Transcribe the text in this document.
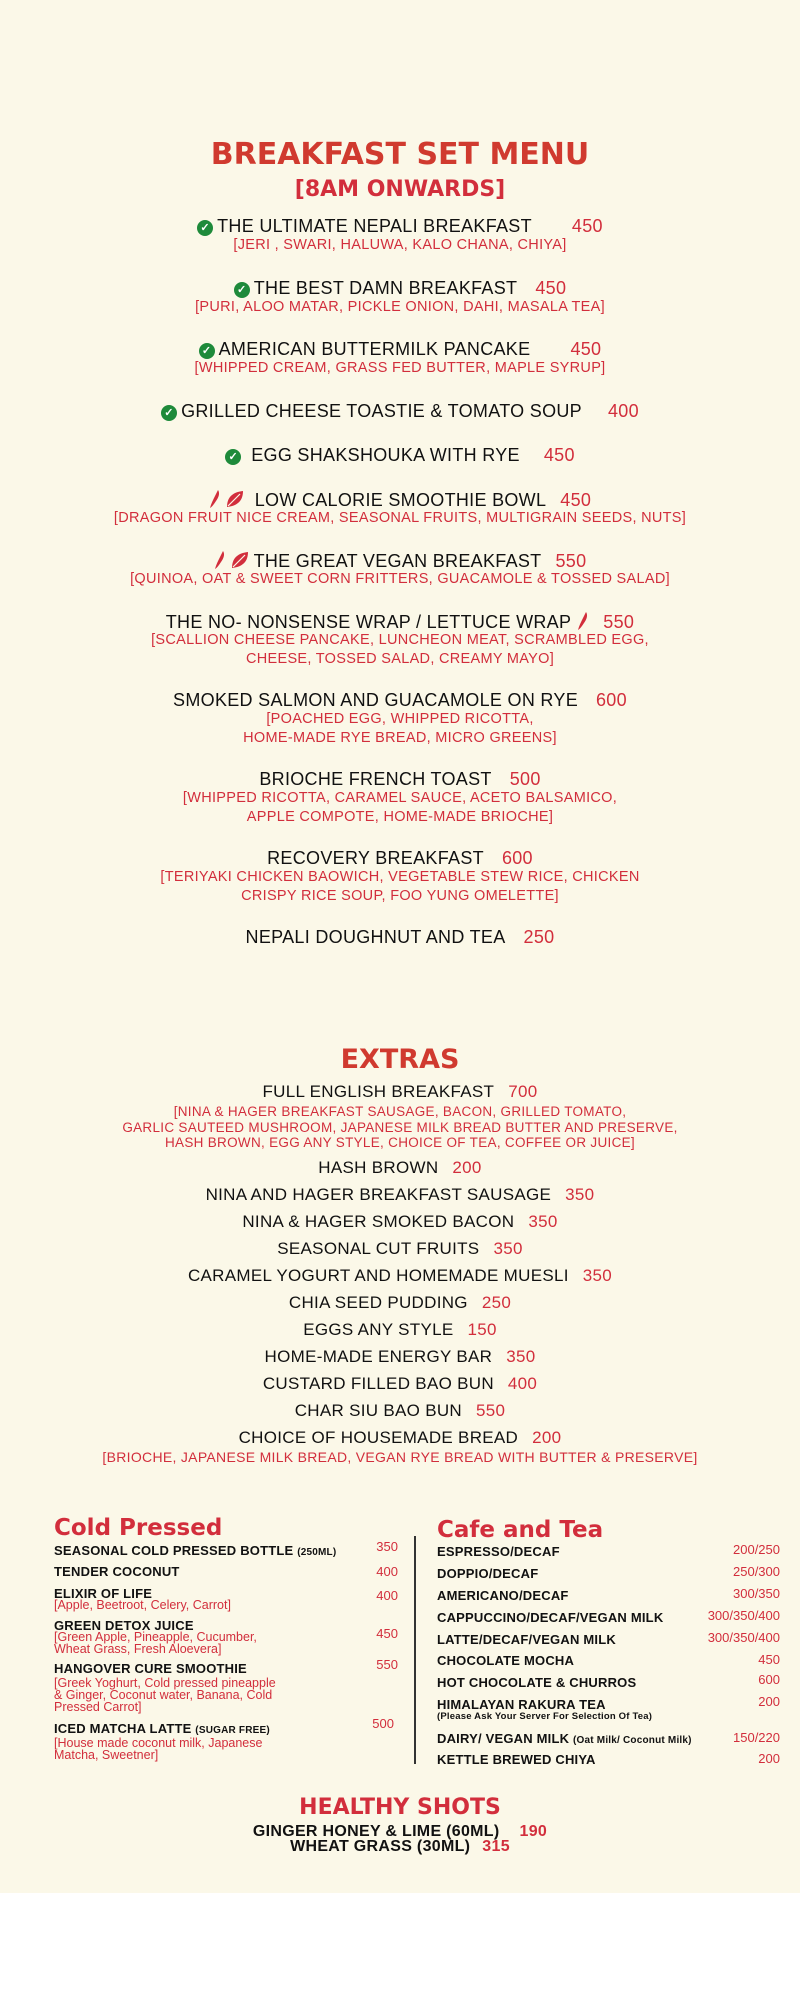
BREAKFAST SET MENU
[8AM ONWARDS]
✓ THE ULTIMATE NEPALI BREAKFAST 450
[JERI , SWARI, HALUWA, KALO CHANA, CHIYA]
✓ THE BEST DAMN BREAKFAST 450
[PURI, ALOO MATAR, PICKLE ONION, DAHI, MASALA TEA]
✓ AMERICAN BUTTERMILK PANCAKE 450
[WHIPPED CREAM, GRASS FED BUTTER, MAPLE SYRUP]
✓ GRILLED CHEESE TOASTIE & TOMATO SOUP 400
✓ EGG SHAKSHOUKA WITH RYE 450
LOW CALORIE SMOOTHIE BOWL 450
[DRAGON FRUIT NICE CREAM, SEASONAL FRUITS, MULTIGRAIN SEEDS, NUTS]
THE GREAT VEGAN BREAKFAST 550
[QUINOA, OAT & SWEET CORN FRITTERS, GUACAMOLE & TOSSED SALAD]
THE NO- NONSENSE WRAP / LETTUCE WRAP 550
[SCALLION CHEESE PANCAKE, LUNCHEON MEAT, SCRAMBLED EGG,
CHEESE, TOSSED SALAD, CREAMY MAYO]
SMOKED SALMON AND GUACAMOLE ON RYE 600
[POACHED EGG, WHIPPED RICOTTA,
HOME-MADE RYE BREAD, MICRO GREENS]
BRIOCHE FRENCH TOAST 500
[WHIPPED RICOTTA, CARAMEL SAUCE, ACETO BALSAMICO,
APPLE COMPOTE, HOME-MADE BRIOCHE]
RECOVERY BREAKFAST 600
[TERIYAKI CHICKEN BAOWICH, VEGETABLE STEW RICE, CHICKEN
CRISPY RICE SOUP, FOO YUNG OMELETTE]
NEPALI DOUGHNUT AND TEA 250
EXTRAS
FULL ENGLISH BREAKFAST 700
[NINA & HAGER BREAKFAST SAUSAGE, BACON, GRILLED TOMATO,
GARLIC SAUTEED MUSHROOM, JAPANESE MILK BREAD BUTTER AND PRESERVE,
HASH BROWN, EGG ANY STYLE, CHOICE OF TEA, COFFEE OR JUICE]
HASH BROWN 200
NINA AND HAGER BREAKFAST SAUSAGE 350
NINA & HAGER SMOKED BACON 350
SEASONAL CUT FRUITS 350
CARAMEL YOGURT AND HOMEMADE MUESLI 350
CHIA SEED PUDDING 250
EGGS ANY STYLE 150
HOME-MADE ENERGY BAR 350
CUSTARD FILLED BAO BUN 400
CHAR SIU BAO BUN 550
CHOICE OF HOUSEMADE BREAD 200
[BRIOCHE, JAPANESE MILK BREAD, VEGAN RYE BREAD WITH BUTTER & PRESERVE]
Cold Pressed
SEASONAL COLD PRESSED BOTTLE (250ML)	350
TENDER COCONUT	400
ELIXIR OF LIFE	400
[Apple, Beetroot, Celery, Carrot]
GREEN DETOX JUICE
450
[Green Apple, Pineapple, Cucumber,
Wheat Grass, Fresh Aloevera]
HANGOVER CURE SMOOTHIE	550
[Greek Yoghurt, Cold pressed pineapple
& Ginger, Coconut water, Banana, Cold
Pressed Carrot]
ICED MATCHA LATTE (SUGAR FREE)	500
[House made coconut milk, Japanese
Matcha, Sweetner]
Cafe and Tea
ESPRESSO/DECAF	200/250
DOPPIO/DECAF	250/300
AMERICANO/DECAF	300/350
CAPPUCCINO/DECAF/VEGAN MILK	300/350/400
LATTE/DECAF/VEGAN MILK	300/350/400
CHOCOLATE MOCHA	450
HOT CHOCOLATE & CHURROS	600
HIMALAYAN RAKURA TEA	200
(Please Ask Your Server For Selection Of Tea)
DAIRY/ VEGAN MILK (Oat Milk/ Coconut Milk)	150/220
KETTLE BREWED CHIYA	200
HEALTHY SHOTS
GINGER HONEY & LIME (60ML) 190
WHEAT GRASS (30ML) 315
